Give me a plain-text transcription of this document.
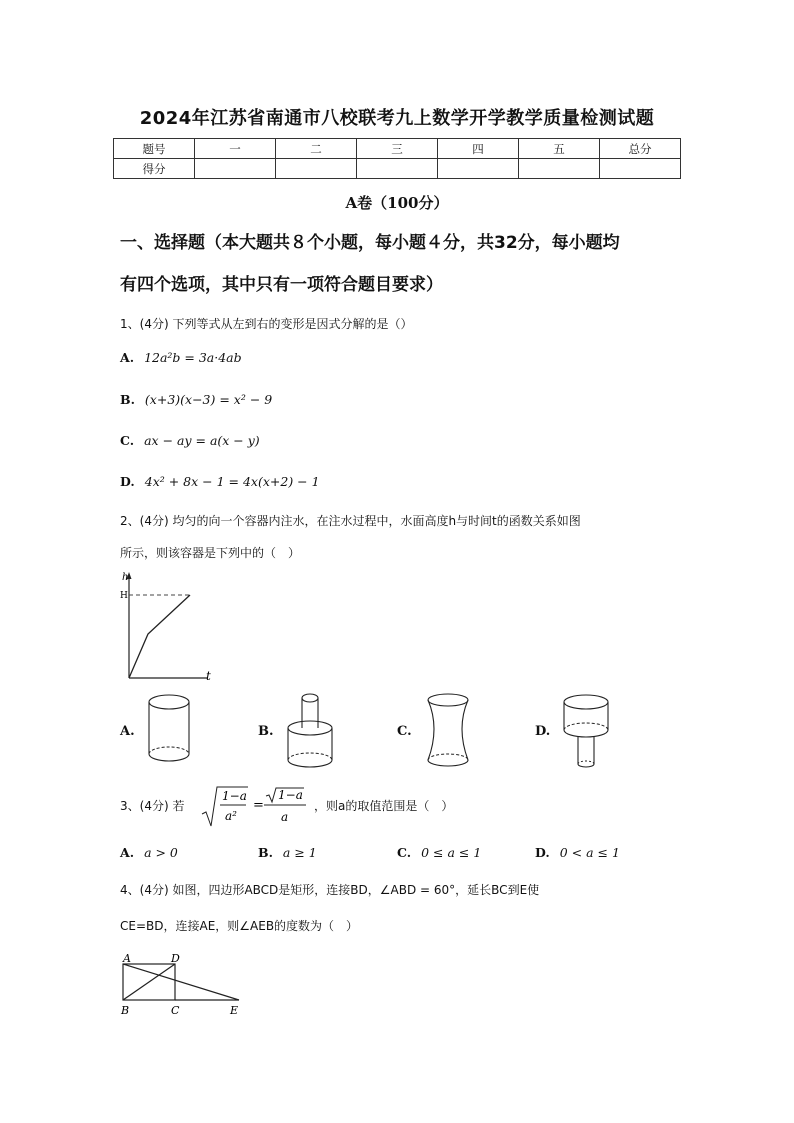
2024年江苏省南通市八校联考九上数学开学教学质量检测试题
题号	一	二	三	四	五	总分
得分						
A卷（100分）
一、选择题（本大题共８个小题，每小题４分，共32分，每小题均
有四个选项，其中只有一项符合题目要求）
1、(4分) 下列等式从左到右的变形是因式分解的是（）
A. 12a²b = 3a·4ab
B. (x+3)(x−3) = x² − 9
C. ax − ay = a(x − y)
D. 4x² + 8x − 1 = 4x(x+2) − 1
2、(4分) 均匀的向一个容器内注水，在注水过程中，水面高度h与时间t的函数关系如图
所示，则该容器是下列中的（　）
h
t
H
A.	B.	C.	D.
3、(4分) 若
1−a
a²
=
1−a
a
，则a的取值范围是（　）
A. a > 0	B. a ≥ 1	C. 0 ≤ a ≤ 1	D. 0 < a ≤ 1
4、(4分) 如图，四边形ABCD是矩形，连接BD，∠ABD = 60°，延长BC到E使
CE=BD，连接AE，则∠AEB的度数为（　）
A	D
B	C	E
